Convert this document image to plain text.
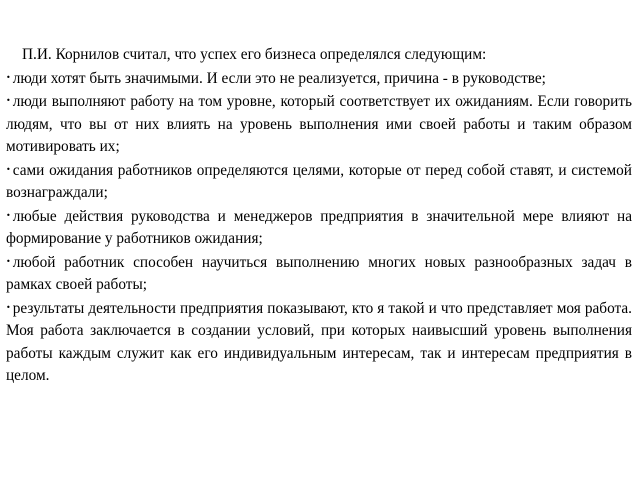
П.И. Корнилов считал, что успех его бизнеса определялся следующим:

• люди хотят быть значимыми. И если это не реализуется, причина - в руководстве;
• люди выполняют работу на том уровне, который соответствует их ожиданиям. Если говорить людям, что вы от них влиять на уровень выполнения ими своей работы и таким образом мотивировать их;
• сами ожидания работников определяются целями, которые от перед собой ставят, и системой вознаграждали;
• любые действия руководства и менеджеров предприятия в значительной мере влияют на формирование у работников ожидания;
• любой работник способен научиться выполнению многих новых разнообразных задач в рамках своей работы;
• результаты деятельности предприятия показывают, кто я такой и что представляет моя работа. Моя работа заключается в создании условий, при которых наивысший уровень выполнения работы каждым служит как его индивидуальным интересам, так и интересам предприятия в целом.
